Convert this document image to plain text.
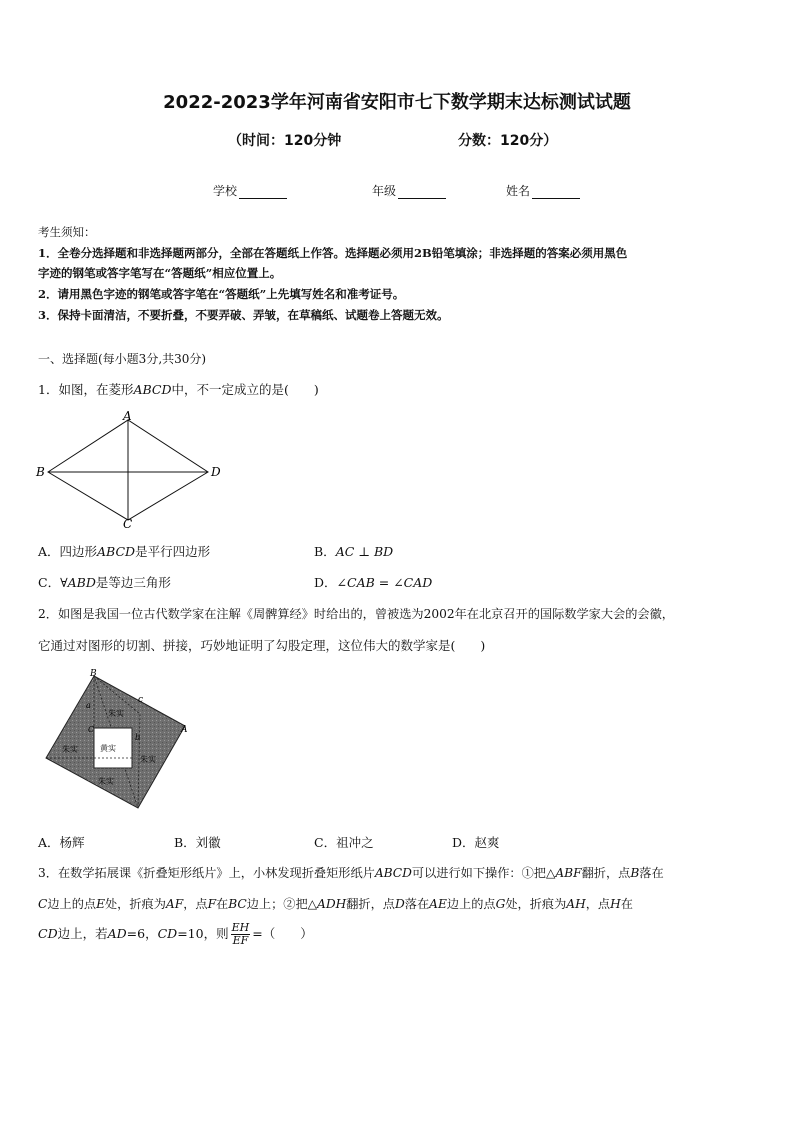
2022-2023学年河南省安阳市七下数学期末达标测试试题
（时间：120分钟	分数：120分）
学校	年级	姓名
考生须知：
1．全卷分选择题和非选择题两部分，全部在答题纸上作答。选择题必须用2B铅笔填涂；非选择题的答案必须用黑色
字迹的钢笔或答字笔写在“答题纸”相应位置上。
2．请用黑色字迹的钢笔或答字笔在“答题纸”上先填写姓名和准考证号。
3．保持卡面清洁，不要折叠，不要弄破、弄皱，在草稿纸、试题卷上答题无效。
一、选择题(每小题3分,共30分)
1．如图，在菱形ABCD中，不一定成立的是(　　)
A
B
C
D
A．四边形ABCD是平行四边形	B．AC ⊥ BD
C．∀ABD是等边三角形	D．∠CAB = ∠CAD
2．如图是我国一位古代数学家在注解《周髀算经》时给出的，曾被选为2002年在北京召开的国际数学家大会的会徽，
它通过对图形的切割、拼接，巧妙地证明了勾股定理，这位伟大的数学家是(　　)
B
A
C
c
b
a
朱实
朱实
朱实
朱实
黄实
A．杨辉	B．刘徽	C．祖冲之	D．赵爽
3．在数学拓展课《折叠矩形纸片》上，小林发现折叠矩形纸片ABCD可以进行如下操作：①把△ABF翻折，点B落在
C边上的点E处，折痕为AF，点F在BC边上；②把△ADH翻折，点D落在AE边上的点G处，折痕为AH，点H在
CD边上，若AD=6，CD=10，则 $\frac{EH}{EF}$ =（　　）
